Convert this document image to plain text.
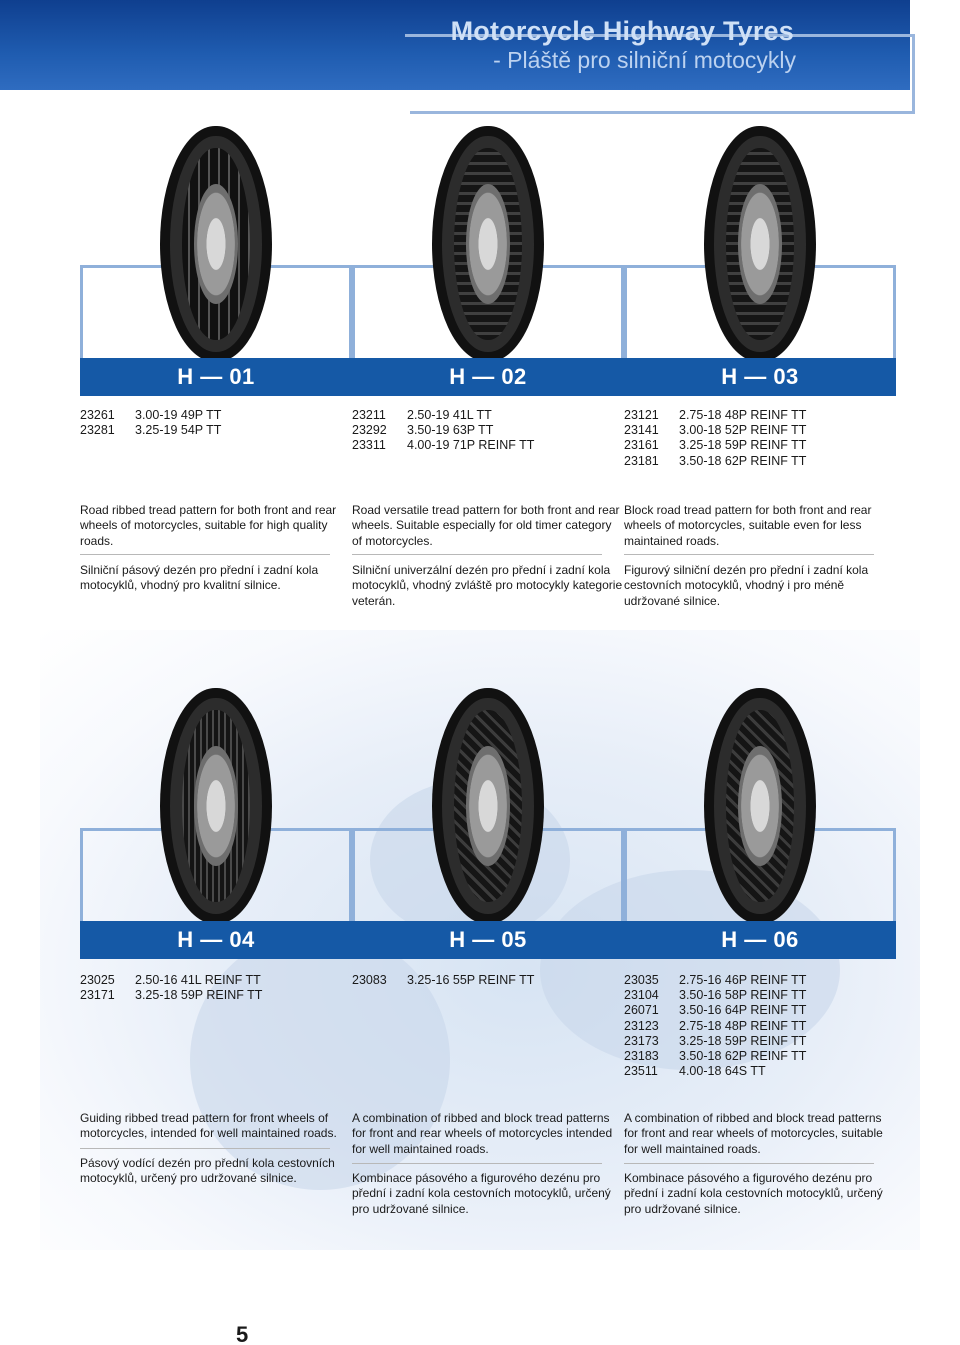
Motorcycle Highway Tyres
- Pláště pro silniční motocykly
H — 01
23261	3.00-19 49P TT
23281	3.25-19 54P TT
Road ribbed tread pattern for both front and rear wheels of motorcycles, suitable for high quality roads.
Silniční pásový dezén pro přední i zadní kola motocyklů, vhodný pro kvalitní silnice.
H — 02
23211	2.50-19 41L TT
23292	3.50-19 63P TT
23311	4.00-19 71P REINF TT
Road versatile tread pattern for both front and rear wheels. Suitable especially for old timer category of motorcycles.
Silniční univerzální dezén pro přední i zadní kola motocyklů, vhodný zvláště pro motocykly kategorie veterán.
H — 03
23121	2.75-18 48P REINF TT
23141	3.00-18 52P REINF TT
23161	3.25-18 59P REINF TT
23181	3.50-18 62P REINF TT
Block road tread pattern for both front and rear wheels of motorcycles, suitable even for less maintained roads.
Figurový silniční dezén pro přední i zadní kola cestovních motocyklů, vhodný i pro méně udržované silnice.
H — 04
23025	2.50-16 41L REINF TT
23171	3.25-18 59P REINF TT
Guiding ribbed tread pattern for front wheels of motorcycles, intended for well maintained roads.
Pásový vodící dezén pro přední kola cestovních motocyklů, určený pro udržované silnice.
H — 05
23083	3.25-16 55P REINF TT
A combination of ribbed and block tread patterns for front and rear wheels of motorcycles intended for well maintained roads.
Kombinace pásového a figurového dezénu pro přední i zadní kola cestovních motocyklů, určený pro udržované silnice.
H — 06
23035	2.75-16 46P REINF TT
23104	3.50-16 58P REINF TT
26071	3.50-16 64P REINF TT
23123	2.75-18 48P REINF TT
23173	3.25-18 59P REINF TT
23183	3.50-18 62P REINF TT
23511	4.00-18 64S TT
A combination of ribbed and block tread patterns for front and rear wheels of motorcycles, suitable for well maintained roads.
Kombinace pásového a figurového dezénu pro přední i zadní kola cestovních motocyklů, určený pro udržované silnice.
5
